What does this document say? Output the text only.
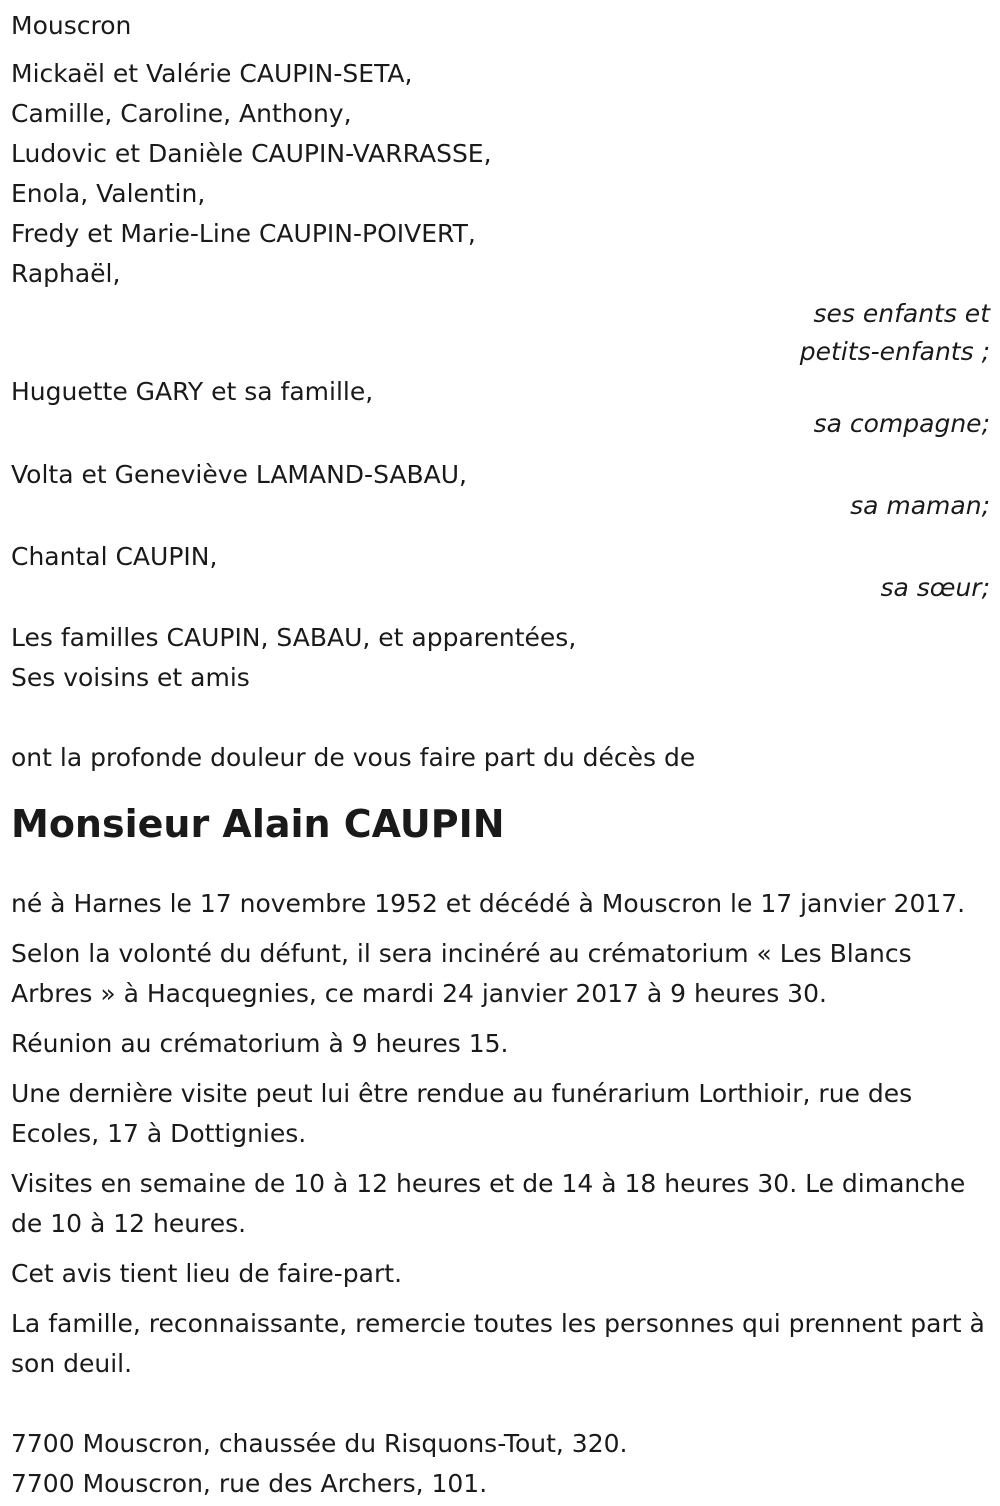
Mouscron
Mickaël et Valérie CAUPIN-SETA,
Camille, Caroline, Anthony,
Ludovic et Danièle CAUPIN-VARRASSE,
Enola, Valentin,
Fredy et Marie-Line CAUPIN-POIVERT,
Raphaël,
ses enfants et
petits-enfants ;
Huguette GARY et sa famille,
sa compagne;
Volta et Geneviève LAMAND-SABAU,
sa maman;
Chantal CAUPIN,
sa sœur;
Les familles CAUPIN, SABAU, et apparentées,
Ses voisins et amis
ont la profonde douleur de vous faire part du décès de
Monsieur Alain CAUPIN
né à Harnes le 17 novembre 1952 et décédé à Mouscron le 17 janvier 2017.
Selon la volonté du défunt, il sera incinéré au crématorium « Les Blancs Arbres » à Hacquegnies, ce mardi 24 janvier 2017 à 9 heures 30.
Réunion au crématorium à 9 heures 15.
Une dernière visite peut lui être rendue au funérarium Lorthioir, rue des Ecoles, 17 à Dottignies.
Visites en semaine de 10 à 12 heures et de 14 à 18 heures 30. Le dimanche de 10 à 12 heures.
Cet avis tient lieu de faire-part.
La famille, reconnaissante, remercie toutes les personnes qui prennent part à son deuil.
7700 Mouscron, chaussée du Risquons-Tout, 320.
7700 Mouscron, rue des Archers, 101.
